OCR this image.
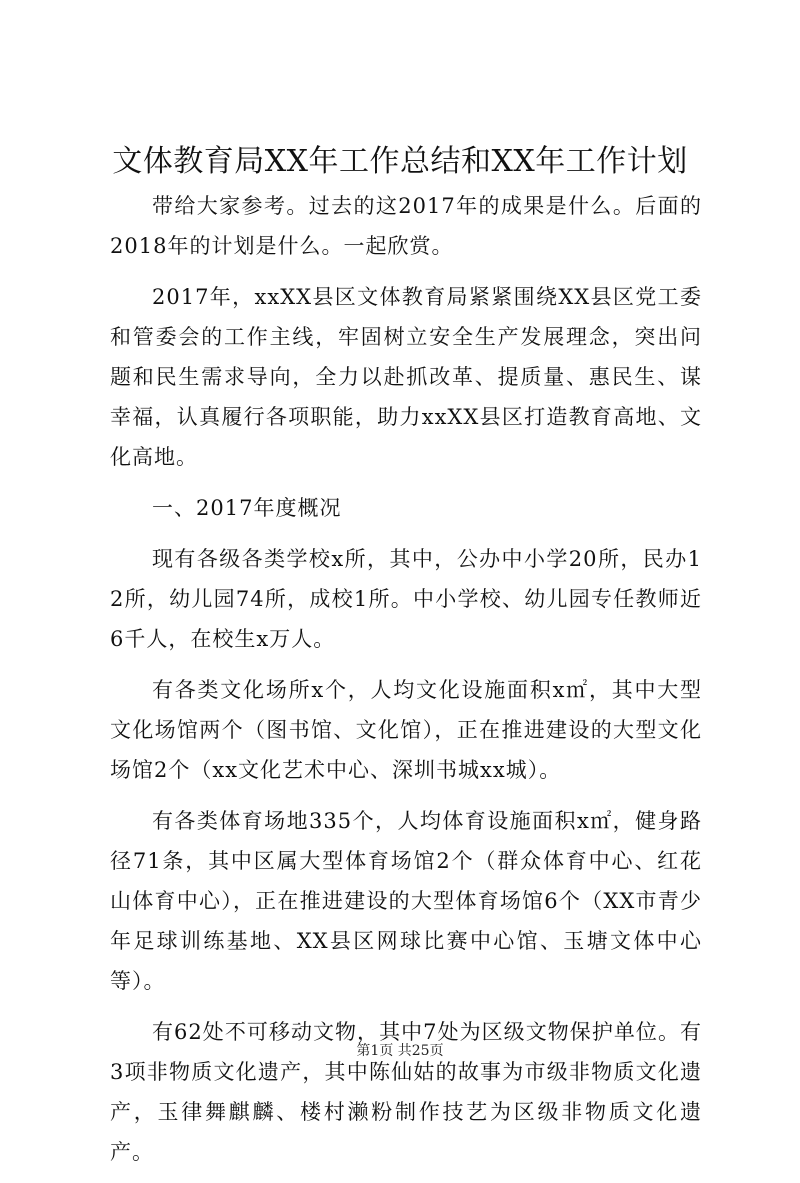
文体教育局XX年工作总结和XX年工作计划

带给大家参考。过去的这2017年的成果是什么。后面的2018年的计划是什么。一起欣赏。

2017年，xxXX县区文体教育局紧紧围绕XX县区党工委和管委会的工作主线，牢固树立安全生产发展理念，突出问题和民生需求导向，全力以赴抓改革、提质量、惠民生、谋幸福，认真履行各项职能，助力xxXX县区打造教育高地、文化高地。

一、2017年度概况

现有各级各类学校x所，其中，公办中小学20所，民办12所，幼儿园74所，成校1所。中小学校、幼儿园专任教师近6千人，在校生x万人。

有各类文化场所x个，人均文化设施面积x㎡，其中大型文化场馆两个（图书馆、文化馆），正在推进建设的大型文化场馆2个（xx文化艺术中心、深圳书城xx城）。

有各类体育场地335个，人均体育设施面积x㎡，健身路径71条，其中区属大型体育场馆2个（群众体育中心、红花山体育中心），正在推进建设的大型体育场馆6个（XX市青少年足球训练基地、XX县区网球比赛中心馆、玉塘文体中心等）。

有62处不可移动文物，其中7处为区级文物保护单位。有3项非物质文化遗产，其中陈仙姑的故事为市级非物质文化遗产，玉律舞麒麟、楼村濑粉制作技艺为区级非物质文化遗产。

第1页 共25页
